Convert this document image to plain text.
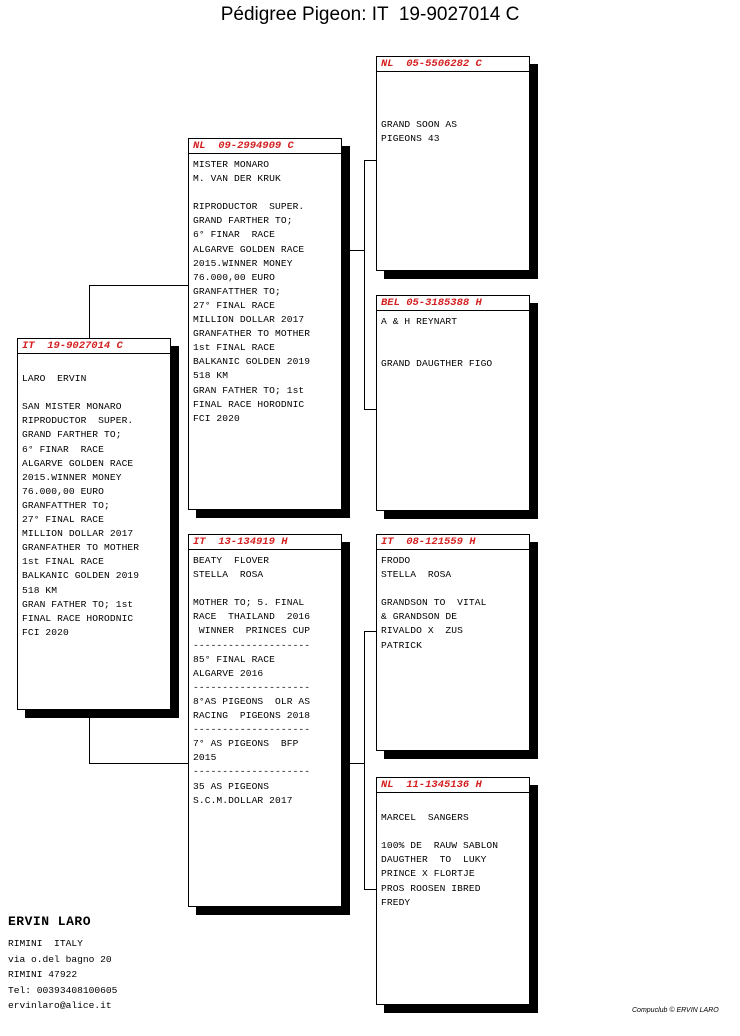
Pédigree Pigeon: IT  19-9027014 C
IT  19-9027014 C

LARO  ERVIN

SAN MISTER MONARO
RIPRODUCTOR  SUPER.
GRAND FARTHER TO;
6° FINAR  RACE
ALGARVE GOLDEN RACE
2015.WINNER MONEY
76.000,00 EURO
GRANFATTHER TO;
27° FINAL RACE
MILLION DOLLAR 2017
GRANFATHER TO MOTHER
1st FINAL RACE
BALKANIC GOLDEN 2019
518 KM
GRAN FATHER TO; 1st
FINAL RACE HORODNIC
FCI 2020
NL  09-2994909 C
MISTER MONARO
M. VAN DER KRUK

RIPRODUCTOR  SUPER.
GRAND FARTHER TO;
6° FINAR  RACE
ALGARVE GOLDEN RACE
2015.WINNER MONEY
76.000,00 EURO
GRANFATTHER TO;
27° FINAL RACE
MILLION DOLLAR 2017
GRANFATHER TO MOTHER
1st FINAL RACE
BALKANIC GOLDEN 2019
518 KM
GRAN FATHER TO; 1st
FINAL RACE HORODNIC
FCI 2020
IT  13-134919 H
BEATY  FLOVER
STELLA  ROSA

MOTHER TO; 5. FINAL
RACE  THAILAND  2016
WINNER  PRINCES CUP
--------------------
85° FINAL RACE
ALGARVE 2016
--------------------
8°AS PIGEONS  OLR AS
RACING  PIGEONS 2018
--------------------
7° AS PIGEONS  BFP
2015
--------------------
35 AS PIGEONS
S.C.M.DOLLAR 2017
NL  05-5506282 C

GRAND SOON AS
PIGEONS 43
BEL 05-3185388 H
A & H REYNART

GRAND DAUGTHER FIGO
IT  08-121559 H
FRODO
STELLA  ROSA

GRANDSON TO  VITAL
& GRANDSON DE
RIVALDO X  ZUS
PATRICK
NL  11-1345136 H

MARCEL  SANGERS

100% DE  RAUW SABLON
DAUGTHER  TO  LUKY
PRINCE X FLORTJE
PROS ROOSEN IBRED
FREDY
ERVIN LARO
RIMINI  ITALY
via o.del bagno 20
RIMINI 47922
Tel: 00393408100605
ervinlaro@alice.it	Compuclub © ERVIN LARO
